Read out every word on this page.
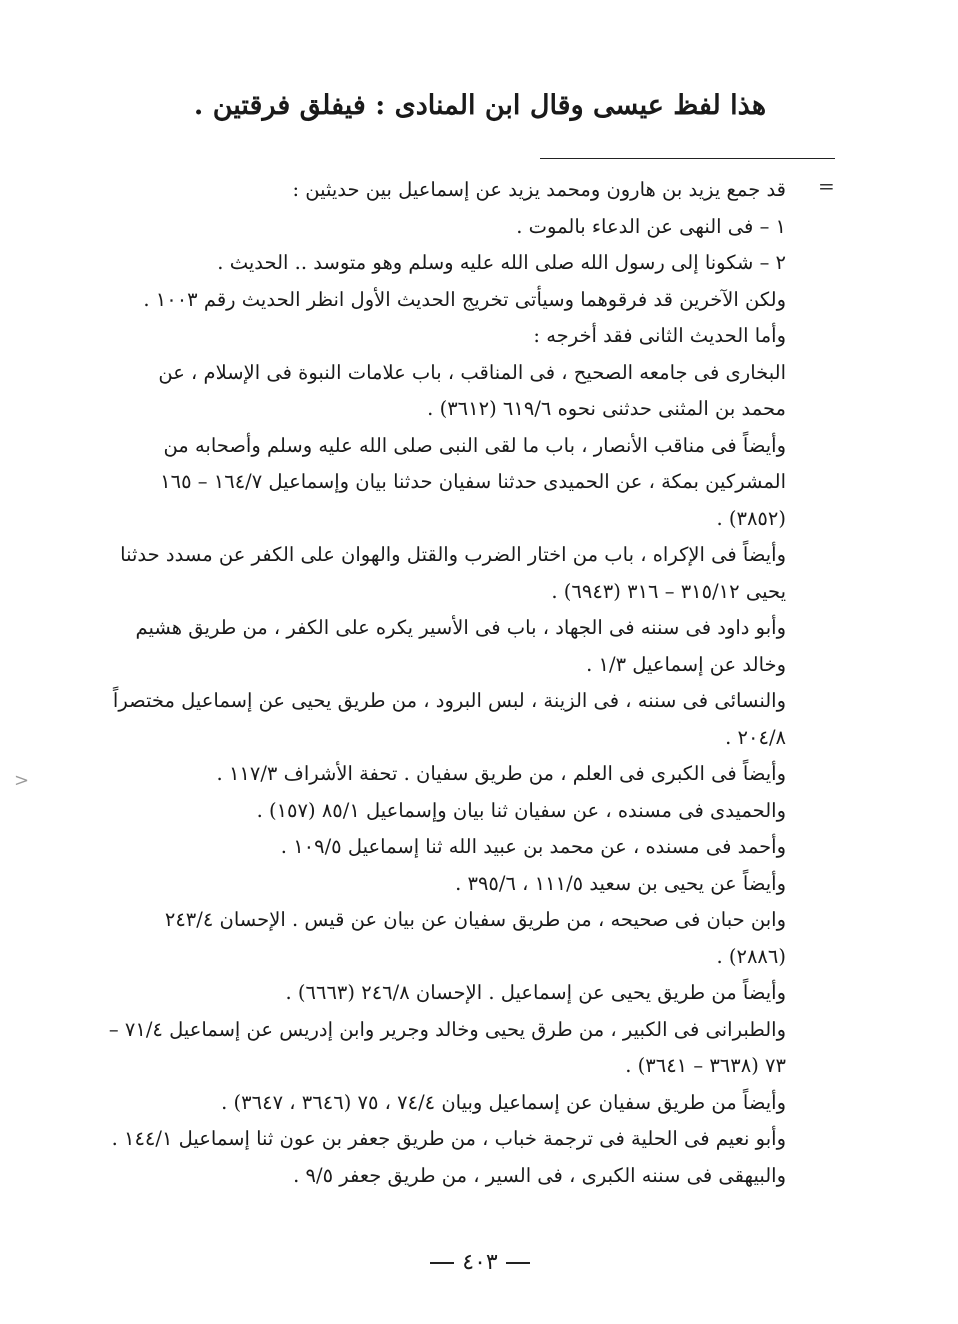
هذا لفظ عيسى وقال ابن المنادى : فيفلق فرقتين .
=
قد جمع يزيد بن هارون ومحمد يزيد عن إسماعيل بين حديثين :
١ – فى النهى عن الدعاء بالموت .
٢ – شكونا إلى رسول الله صلى الله عليه وسلم وهو متوسد .. الحديث .
ولكن الآخرين قد فرقوهما وسيأتى تخريج الحديث الأول انظر الحديث رقم ١٠٠٣ .
وأما الحديث الثانى فقد أخرجه :
البخارى فى جامعه الصحيح ، فى المناقب ، باب علامات النبوة فى الإسلام ، عن
محمد بن المثنى حدثنى نحوه ٦١٩/٦ (٣٦١٢) .
وأيضاً فى مناقب الأنصار ، باب ما لقى النبى صلى الله عليه وسلم وأصحابه من
المشركين بمكة ، عن الحميدى حدثنا سفيان حدثنا بيان وإسماعيل ١٦٤/٧ – ١٦٥
(٣٨٥٢) .
وأيضاً فى الإكراه ، باب من اختار الضرب والقتل والهوان على الكفر عن مسدد حدثنا
يحيى ٣١٥/١٢ – ٣١٦ (٦٩٤٣) .
وأبو داود فى سننه فى الجهاد ، باب فى الأسير يكره على الكفر ، من طريق هشيم
وخالد عن إسماعيل ١/٣ .
والنسائى فى سننه ، فى الزينة ، لبس البرود ، من طريق يحيى عن إسماعيل مختصراً
٢٠٤/٨ .
وأيضاً فى الكبرى فى العلم ، من طريق سفيان . تحفة الأشراف ١١٧/٣ .
والحميدى فى مسنده ، عن سفيان ثنا بيان وإسماعيل ٨٥/١ (١٥٧) .
وأحمد فى مسنده ، عن محمد بن عبيد الله ثنا إسماعيل ١٠٩/٥ .
وأيضاً عن يحيى بن سعيد ١١١/٥ ، ٣٩٥/٦ .
وابن حبان فى صحيحه ، من طريق سفيان عن بيان عن قيس . الإحسان ٢٤٣/٤
(٢٨٨٦) .
وأيضاً من طريق يحيى عن إسماعيل . الإحسان ٢٤٦/٨ (٦٦٦٣) .
والطبرانى فى الكبير ، من طرق يحيى وخالد وجرير وابن إدريس عن إسماعيل ٧١/٤ –
٧٣ (٣٦٣٨ – ٣٦٤١) .
وأيضاً من طريق سفيان عن إسماعيل وبيان ٧٤/٤ ، ٧٥ (٣٦٤٦ ، ٣٦٤٧) .
وأبو نعيم فى الحلية فى ترجمة خباب ، من طريق جعفر بن عون ثنا إسماعيل ١٤٤/١ .
والبيهقى فى سننه الكبرى ، فى السير ، من طريق جعفر ٩/٥ .
>
٤٠٣
